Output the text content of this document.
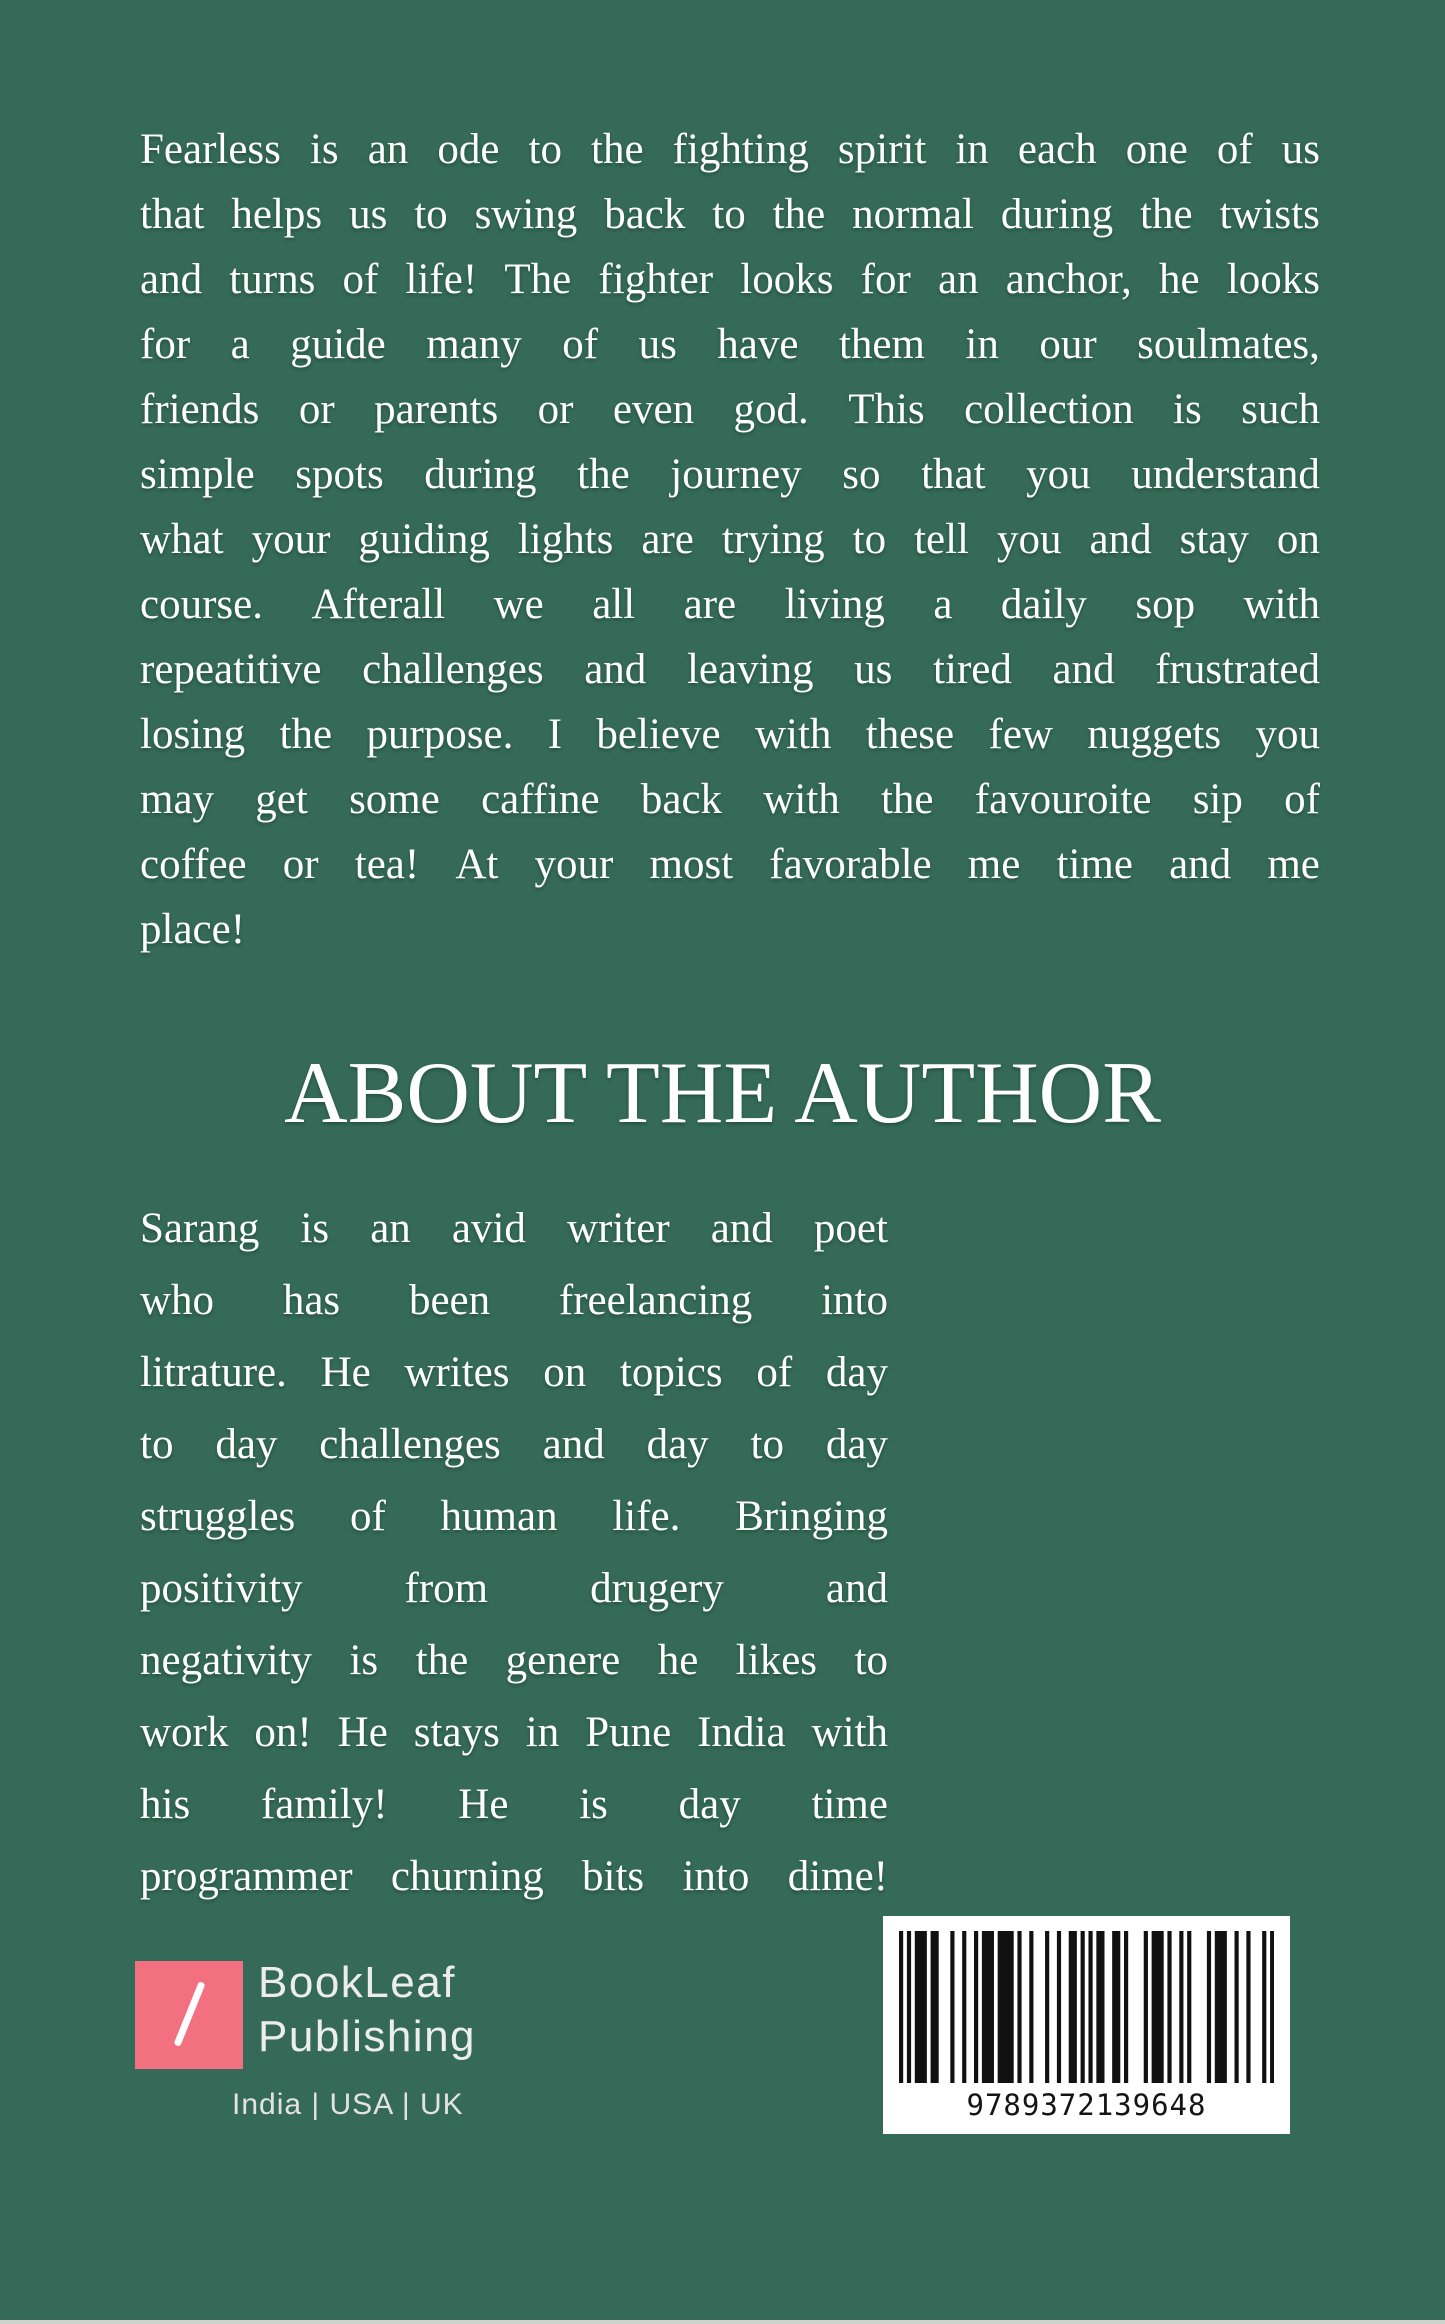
Fearless is an ode to the fighting spirit in each one of us
that helps us to swing back to the normal during the twists
and turns of life! The fighter looks for an anchor, he looks
for a guide many of us have them in our soulmates,
friends or parents or even god. This collection is such
simple spots during the journey so that you understand
what your guiding lights are trying to tell you and stay on
course. Afterall we all are living a daily sop with
repeatitive challenges and leaving us tired and frustrated
losing the purpose. I believe with these few nuggets you
may get some caffine back with the favouroite sip of
coffee or tea! At your most favorable me time and me
place!
ABOUT THE AUTHOR
Sarang is an avid writer and poet
who has been freelancing into
litrature. He writes on topics of day
to day challenges and day to day
struggles of human life. Bringing
positivity from drugery and
negativity is the genere he likes to
work on! He stays in Pune India with
his family! He is day time
programmer churning bits into dime!
BookLeaf
Publishing
India | USA | UK	9789372139648
